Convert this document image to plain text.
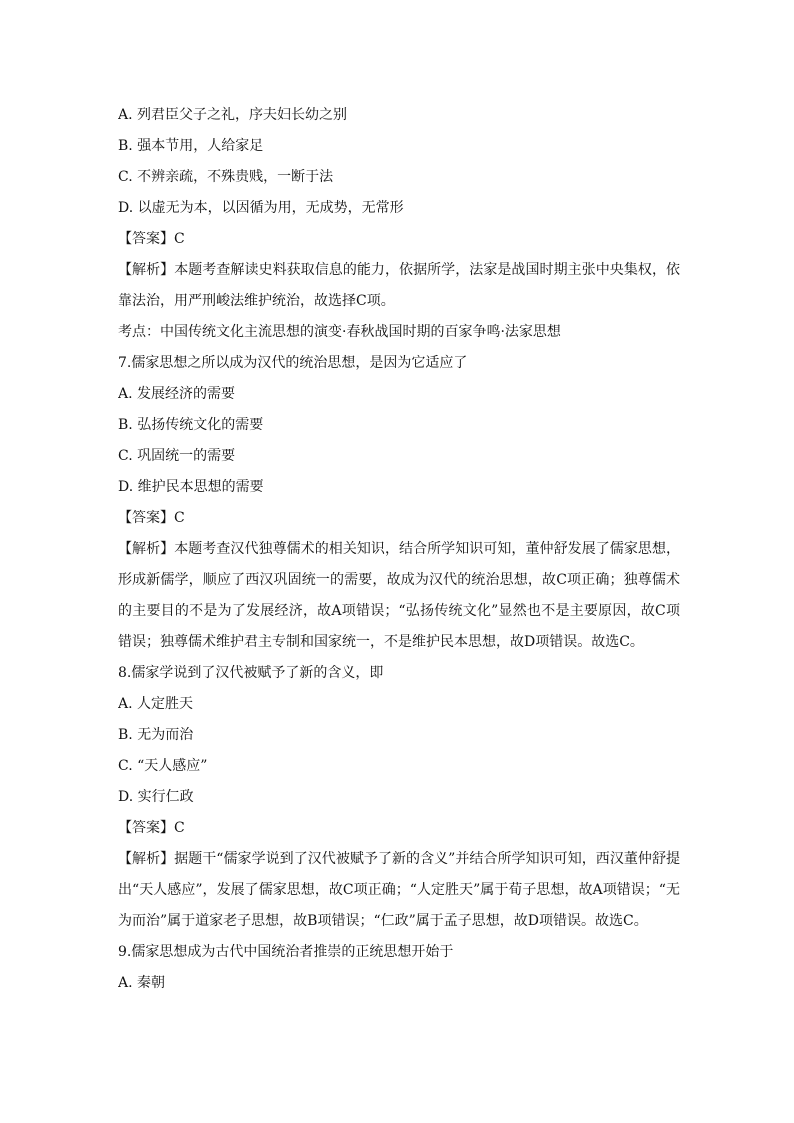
A. 列君臣父子之礼，序夫妇长幼之别
B. 强本节用，人给家足
C. 不辨亲疏，不殊贵贱，一断于法
D. 以虚无为本，以因循为用，无成势，无常形
【答案】C
【解析】本题考查解读史料获取信息的能力，依据所学，法家是战国时期主张中央集权，依靠法治，用严刑峻法维护统治，故选择C项。
考点：中国传统文化主流思想的演变·春秋战国时期的百家争鸣·法家思想
7.儒家思想之所以成为汉代的统治思想，是因为它适应了
A. 发展经济的需要
B. 弘扬传统文化的需要
C. 巩固统一的需要
D. 维护民本思想的需要
【答案】C
【解析】本题考查汉代独尊儒术的相关知识，结合所学知识可知，董仲舒发展了儒家思想，形成新儒学，顺应了西汉巩固统一的需要，故成为汉代的统治思想，故C项正确；独尊儒术的主要目的不是为了发展经济，故A项错误；“弘扬传统文化”显然也不是主要原因，故C项错误；独尊儒术维护君主专制和国家统一，不是维护民本思想，故D项错误。故选C。
8.儒家学说到了汉代被赋予了新的含义，即
A. 人定胜天
B. 无为而治
C. “天人感应”
D. 实行仁政
【答案】C
【解析】据题干“儒家学说到了汉代被赋予了新的含义”并结合所学知识可知，西汉董仲舒提出“天人感应”，发展了儒家思想，故C项正确；“人定胜天”属于荀子思想，故A项错误；“无为而治”属于道家老子思想，故B项错误；“仁政”属于孟子思想，故D项错误。故选C。
9.儒家思想成为古代中国统治者推崇的正统思想开始于
A. 秦朝
